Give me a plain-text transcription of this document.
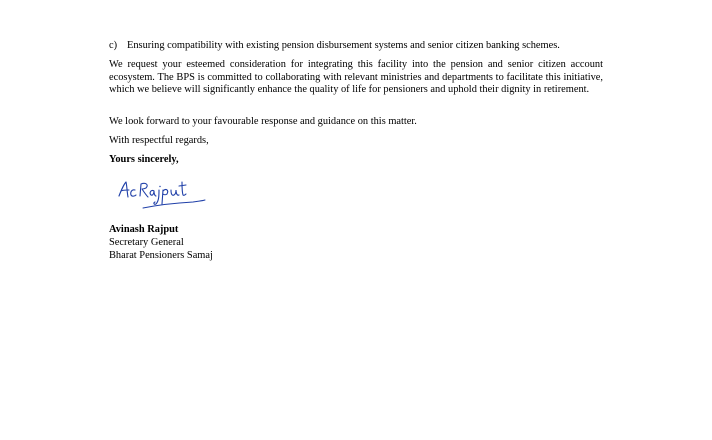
c) Ensuring compatibility with existing pension disbursement systems and senior citizen banking schemes.

We request your esteemed consideration for integrating this facility into the pension and senior citizen account ecosystem. The BPS is committed to collaborating with relevant ministries and departments to facilitate this initiative, which we believe will significantly enhance the quality of life for pensioners and uphold their dignity in retirement.

We look forward to your favourable response and guidance on this matter.

With respectful regards,

Yours sincerely,

Avinash Rajput

Secretary General

Bharat Pensioners Samaj
